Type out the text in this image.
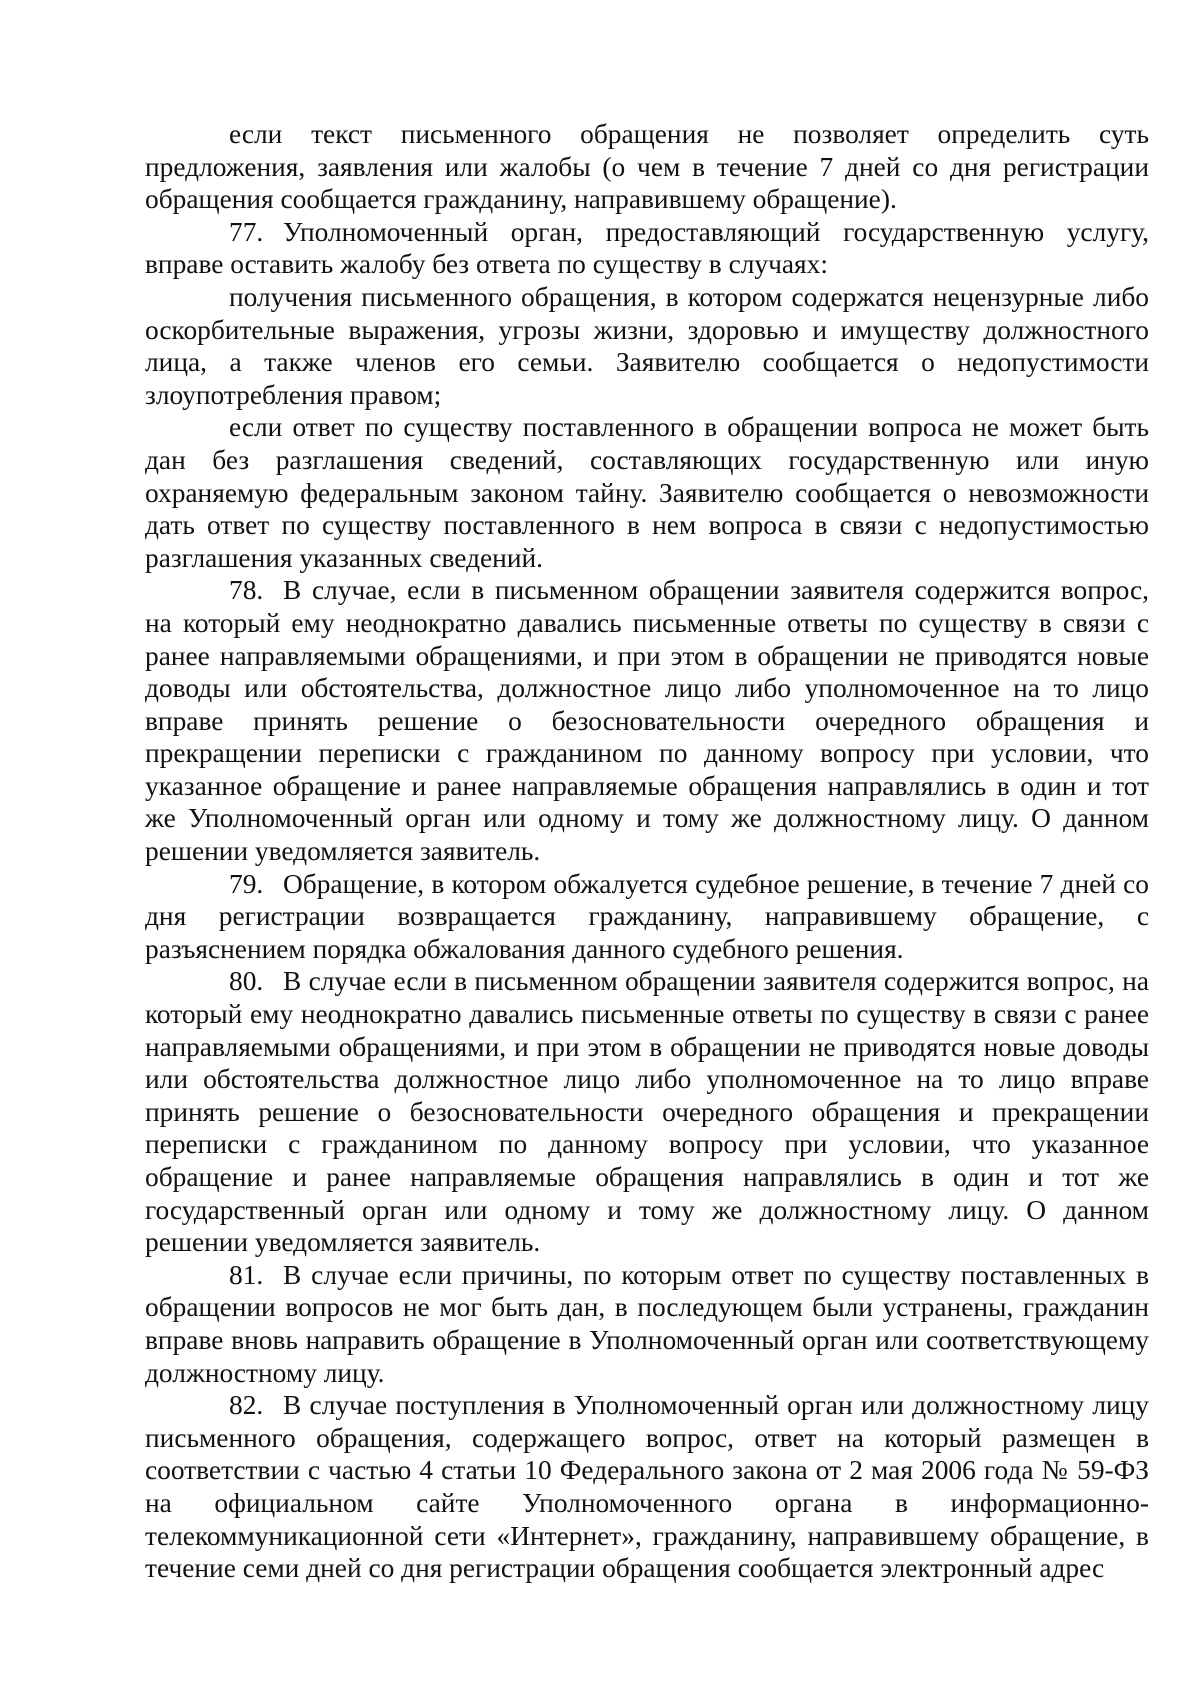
если текст письменного обращения не позволяет определить суть предложения, заявления или жалобы (о чем в течение 7 дней со дня регистрации обращения сообщается гражданину, направившему обращение).

77. Уполномоченный орган, предоставляющий государственную услугу, вправе оставить жалобу без ответа по существу в случаях:

получения письменного обращения, в котором содержатся нецензурные либо оскорбительные выражения, угрозы жизни, здоровью и имуществу должностного лица, а также членов его семьи. Заявителю сообщается о недопустимости злоупотребления правом;

если ответ по существу поставленного в обращении вопроса не может быть дан без разглашения сведений, составляющих государственную или иную охраняемую федеральным законом тайну. Заявителю сообщается о невозможности дать ответ по существу поставленного в нем вопроса в связи с недопустимостью разглашения указанных сведений.

78. В случае, если в письменном обращении заявителя содержится вопрос, на который ему неоднократно давались письменные ответы по существу в связи с ранее направляемыми обращениями, и при этом в обращении не приводятся новые доводы или обстоятельства, должностное лицо либо уполномоченное на то лицо вправе принять решение о безосновательности очередного обращения и прекращении переписки с гражданином по данному вопросу при условии, что указанное обращение и ранее направляемые обращения направлялись в один и тот же Уполномоченный орган или одному и тому же должностному лицу. О данном решении уведомляется заявитель.

79. Обращение, в котором обжалуется судебное решение, в течение 7 дней со дня регистрации возвращается гражданину, направившему обращение, с разъяснением порядка обжалования данного судебного решения.

80. В случае если в письменном обращении заявителя содержится вопрос, на который ему неоднократно давались письменные ответы по существу в связи с ранее направляемыми обращениями, и при этом в обращении не приводятся новые доводы или обстоятельства должностное лицо либо уполномоченное на то лицо вправе принять решение о безосновательности очередного обращения и прекращении переписки с гражданином по данному вопросу при условии, что указанное обращение и ранее направляемые обращения направлялись в один и тот же государственный орган или одному и тому же должностному лицу. О данном решении уведомляется заявитель.

81. В случае если причины, по которым ответ по существу поставленных в обращении вопросов не мог быть дан, в последующем были устранены, гражданин вправе вновь направить обращение в Уполномоченный орган или соответствующему должностному лицу.

82. В случае поступления в Уполномоченный орган или должностному лицу письменного обращения, содержащего вопрос, ответ на который размещен в соответствии с частью 4 статьи 10 Федерального закона от 2 мая 2006 года № 59-ФЗ на официальном сайте Уполномоченного органа в информационно-телекоммуникационной сети «Интернет», гражданину, направившему обращение, в течение семи дней со дня регистрации обращения сообщается электронный адрес
